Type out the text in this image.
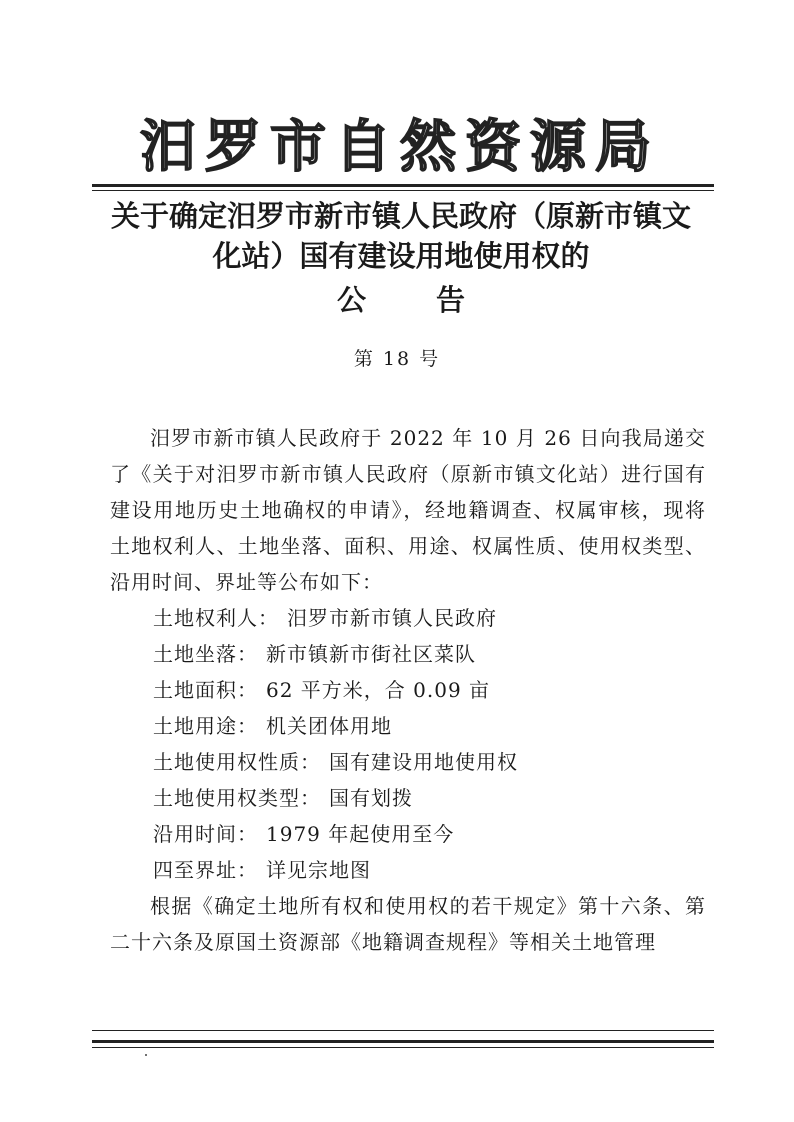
汨罗市自然资源局
关于确定汨罗市新市镇人民政府（原新市镇文
化站）国有建设用地使用权的
公 告
第 18 号

汨罗市新市镇人民政府于 2022 年 10 月 26 日向我局递交了《关于对汨罗市新市镇人民政府（原新市镇文化站）进行国有建设用地历史土地确权的申请》，经地籍调查、权属审核，现将土地权利人、土地坐落、面积、用途、权属性质、使用权类型、沿用时间、界址等公布如下：

土地权利人： 汨罗市新市镇人民政府
土地坐落： 新市镇新市街社区菜队
土地面积： 62 平方米，合 0.09 亩
土地用途： 机关团体用地
土地使用权性质： 国有建设用地使用权
土地使用权类型： 国有划拨
沿用时间： 1979 年起使用至今
四至界址： 详见宗地图

根据《确定土地所有权和使用权的若干规定》第十六条、第二十六条及原国土资源部《地籍调查规程》等相关土地管理
